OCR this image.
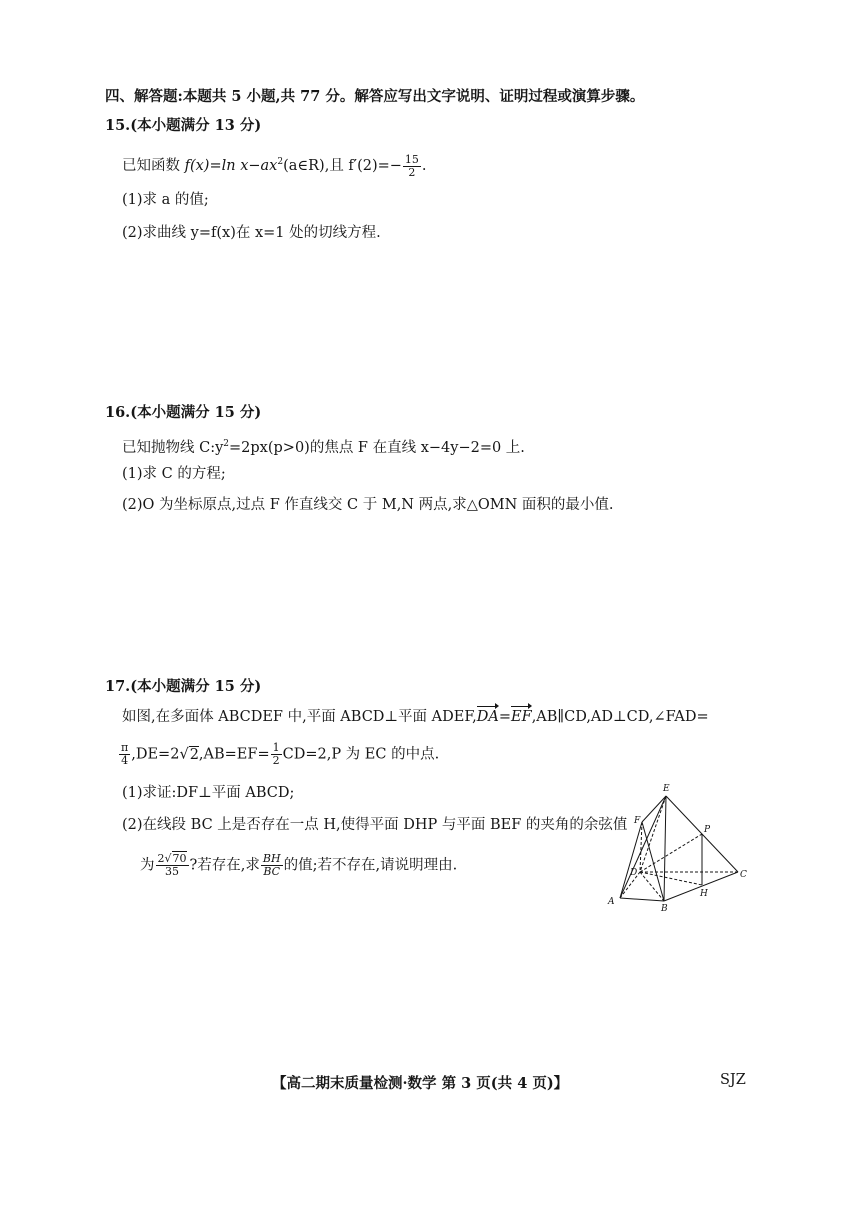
四、解答题:本题共 5 小题,共 77 分。解答应写出文字说明、证明过程或演算步骤。
15.(本小题满分 13 分)
已知函数 f(x)=ln $x-ax^2(a\in R)$,且 $f'(2)=- \frac{15}{2}$ .
(1)求 a 的值;
(2)求曲线 y=f(x)在 x=1 处的切线方程.
16.(本小题满分 15 分)
已知抛物线 $C:y^2=2px(p>0)$的焦点 F 在直线 x−4y−2=0 上.
(1)求 C 的方程;
(2)O 为坐标原点,过点 F 作直线交 C 于 M,N 两点,求△OMN 面积的最小值.
17.(本小题满分 15 分)
如图,在多面体 ABCDEF 中,平面 ABCD⊥平面 ADEF,DA=EF,AB∥CD,AD⊥CD,∠FAD=
$\frac{\pi}{4} ,DE=2√2,AB=EF= \frac{1}{2} CD=2,P$ 为 EC 的中点.
(1)求证:DF⊥平面 ABCD;
(2)在线段 BC 上是否存在一点 H,使得平面 DHP 与平面 BEF 的夹角的余弦值
为 $\frac{2√70}{35}$ ?若存在,求 $\frac{BH}{BC}$ 的值;若不存在,请说明理由.
E
F
P
D	C
A
B
H
【高二期末质量检测·数学 第 3 页(共 4 页)】	SJZ
